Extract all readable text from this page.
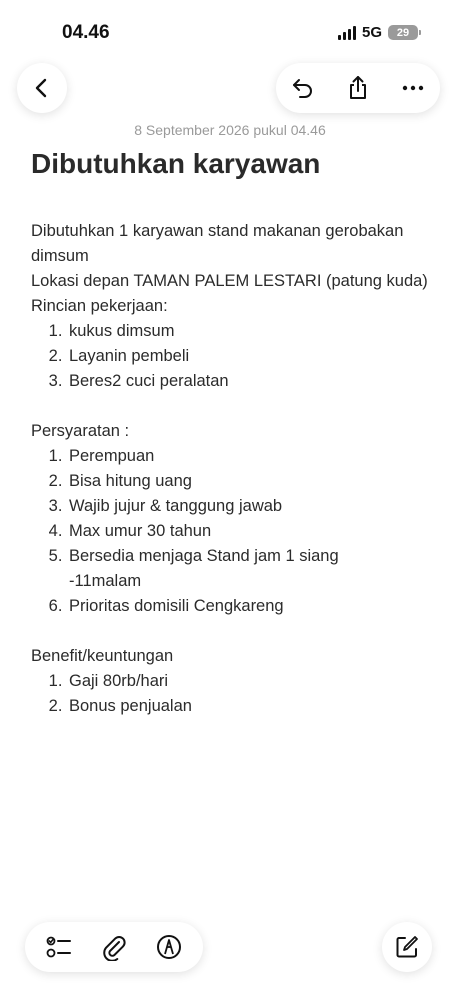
04.46	5G	29
8 September 2026 pukul 04.46
Dibutuhkan karyawan

Dibutuhkan 1 karyawan stand makanan gerobakan dimsum

Lokasi depan TAMAN PALEM LESTARI (patung kuda)

Rincian pekerjaan:

1. kukus dimsum
2. Layanin pembeli
3. Beres2 cuci peralatan

Persyaratan :

1. Perempuan
2. Bisa hitung uang
3. Wajib jujur & tanggung jawab
4. Max umur 30 tahun
5. Bersedia menjaga Stand jam 1 siang -11malam
6. Prioritas domisili Cengkareng

Benefit/keuntungan

1. Gaji 80rb/hari
2. Bonus penjualan
